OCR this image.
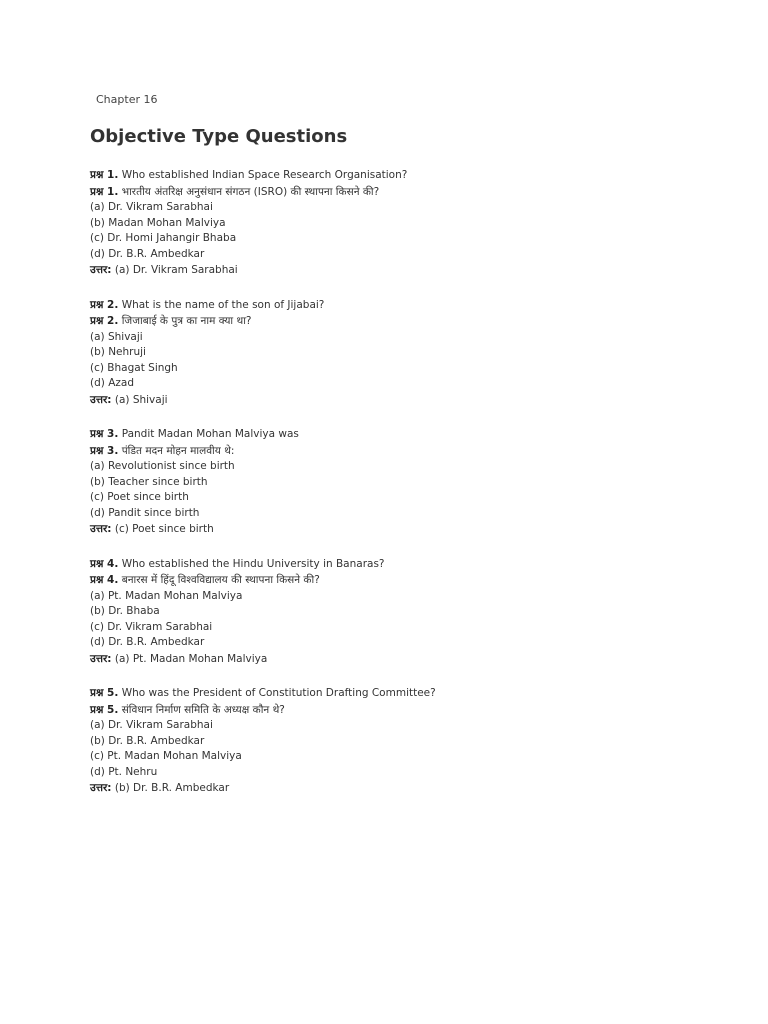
Chapter 16
Objective Type Questions
प्रश्न 1. Who established Indian Space Research Organisation?
प्रश्न 1. भारतीय अंतरिक्ष अनुसंधान संगठन (ISRO) की स्थापना किसने की?
(a) Dr. Vikram Sarabhai
(b) Madan Mohan Malviya
(c) Dr. Homi Jahangir Bhaba
(d) Dr. B.R. Ambedkar
उत्तर: (a) Dr. Vikram Sarabhai
प्रश्न 2. What is the name of the son of Jijabai?
प्रश्न 2. जिजाबाई के पुत्र का नाम क्या था?
(a) Shivaji
(b) Nehruji
(c) Bhagat Singh
(d) Azad
उत्तर: (a) Shivaji
प्रश्न 3. Pandit Madan Mohan Malviya was
प्रश्न 3. पंडित मदन मोहन मालवीय थे:
(a) Revolutionist since birth
(b) Teacher since birth
(c) Poet since birth
(d) Pandit since birth
उत्तर: (c) Poet since birth
प्रश्न 4. Who established the Hindu University in Banaras?
प्रश्न 4. बनारस में हिंदू विश्वविद्यालय की स्थापना किसने की?
(a) Pt. Madan Mohan Malviya
(b) Dr. Bhaba
(c) Dr. Vikram Sarabhai
(d) Dr. B.R. Ambedkar
उत्तर: (a) Pt. Madan Mohan Malviya
प्रश्न 5. Who was the President of Constitution Drafting Committee?
प्रश्न 5. संविधान निर्माण समिति के अध्यक्ष कौन थे?
(a) Dr. Vikram Sarabhai
(b) Dr. B.R. Ambedkar
(c) Pt. Madan Mohan Malviya
(d) Pt. Nehru
उत्तर: (b) Dr. B.R. Ambedkar
